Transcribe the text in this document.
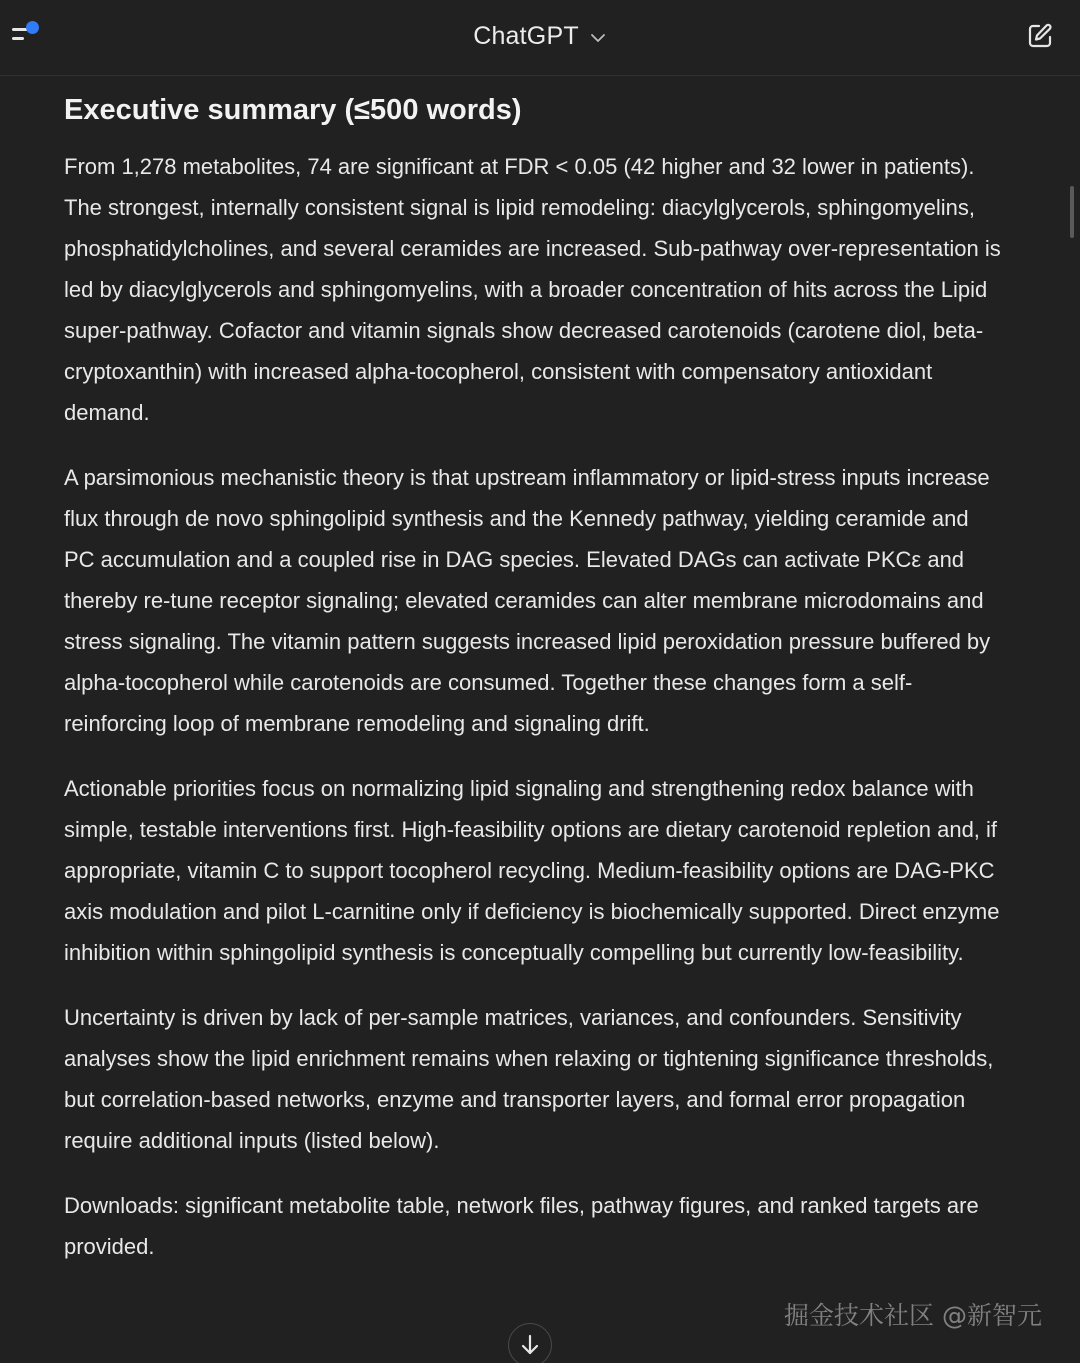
ChatGPT
Executive summary (≤500 words)

From 1,278 metabolites, 74 are significant at FDR < 0.05 (42 higher and 32 lower in patients). The strongest, internally consistent signal is lipid remodeling: diacylglycerols, sphingomyelins, phosphatidylcholines, and several ceramides are increased. Sub-pathway over-representation is led by diacylglycerols and sphingomyelins, with a broader concentration of hits across the Lipid super-pathway. Cofactor and vitamin signals show decreased carotenoids (carotene diol, beta-cryptoxanthin) with increased alpha-tocopherol, consistent with compensatory antioxidant demand.

A parsimonious mechanistic theory is that upstream inflammatory or lipid-stress inputs increase flux through de novo sphingolipid synthesis and the Kennedy pathway, yielding ceramide and PC accumulation and a coupled rise in DAG species. Elevated DAGs can activate PKCε and thereby re-tune receptor signaling; elevated ceramides can alter membrane microdomains and stress signaling. The vitamin pattern suggests increased lipid peroxidation pressure buffered by alpha-tocopherol while carotenoids are consumed. Together these changes form a self-reinforcing loop of membrane remodeling and signaling drift.

Actionable priorities focus on normalizing lipid signaling and strengthening redox balance with simple, testable interventions first. High-feasibility options are dietary carotenoid repletion and, if appropriate, vitamin C to support tocopherol recycling. Medium-feasibility options are DAG-PKC axis modulation and pilot L-carnitine only if deficiency is biochemically supported. Direct enzyme inhibition within sphingolipid synthesis is conceptually compelling but currently low-feasibility.

Uncertainty is driven by lack of per-sample matrices, variances, and confounders. Sensitivity analyses show the lipid enrichment remains when relaxing or tightening significance thresholds, but correlation-based networks, enzyme and transporter layers, and formal error propagation require additional inputs (listed below).

Downloads: significant metabolite table, network files, pathway figures, and ranked targets are provided.

掘金技术社区 @新智元
